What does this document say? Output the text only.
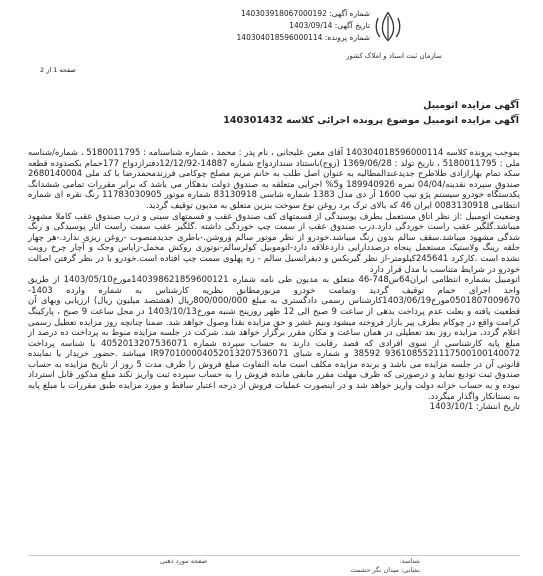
شماره آگهی: 140303918067000192
تاریخ آگهی: 1403/09/14
شماره پرونده: 140304018596000114
سازمان ثبت اسناد و املاک کشور
صفحه 1 از 2
آگهی مزایده اتومبیل
آگهی مزایده اتومبیل موضوع پرونده اجرائی کلاسه 140301432

بموجب پرونده کلاسه 140304018596000114 آقای معین علیجانی ، نام پدر : محمد ، شماره شناسنامه : 5180011795 ، شماره/شناسه ملی : 5180011795 ، تاریخ تولد : 1369/06/28 (زوج)باستناد سندازدواج شماره 14887-12/12/92دفترازدواج 177خمام بکصدوده قطعه سکه تمام بهارازادی طلاطرح جدیدعندالمطالبه به عنوان اصل طلب به خانم مریم مصلح چوکامی فرزندمحمدرضا با کد ملی 2680140004 صندوق سپرده نقدینه/04/04 نمره 189940926 و5% اجرایی متعلقه به صندوق دولت بدهکار می باشد که برابر مقررات تمامی ششدانگ یکدستگاه خودرو سیستم پژو تیپ 1600 آر دی مدل 1383 شماره شاسی 83130918 شماره موتور 11783030905 رنگ نقره ای شماره انتظامی 0083130918 ایران 46 که بالای ترک یرد روغن نوع سوخت بنزین متعلق به مدیون توقیف گردید.

وضعیت اتومبیل :از نظر اتاق مستعمل بطرف پوسیدگی از قسمتهای کف صندوق عقب و قسمتهای سینی و درب صندوق عقب کاملا مشهود میباشد.گلگیر عقب راست خوردگی دارد.درب صندوق عقب از سمت چپ خوردگی داشته .گلگیر عقب سمت راست اثار پوسیدگی و رنگ شدگی مشهود میباشد.سقف سالم بدون رنگ میباشد.خودرو از نظر موتور سالم وروشن.-باطری جدیدمنصوب -روغن ریزی ندارد.-هر چهار حلقه رینگ ولاستیک مستعمل پنجاه درصددارایی داردعلاقه دارد-اتوموبیل کولرسالم-نوتوزی روکش مخمل-زایاس وجک و آچار چرخ رویت نشده است .کارکرد 245641کیلومتر-از نظر گیربکس و دیفرانسیل سالم - زه پهلوی سمت چپ افتاده است.خودرو با در نظر گرفتن اصالت خودرو در شرایط متناسب با مدل قرار دارد

اتومبیل بشماره انتظامی ایران64س748-46 متعلق به مدیون طی نامه شماره 140398621859600121مورخ1403/05/10 از طریق واحد اجرای خمام توقیف گردید وتمامت خودرو مزبورمطابق نظریه کارشناس به شماره وارده 1403-0501807009670مورخ1403/06/19کارشناس رسمی دادگستری به مبلغ 800/000/000ریال (هشتصد میلیون ریال) ارزیابی وبهای آن قطعیت یافته و بعلت عدم پرداخت بدهی از ساعت 9 صبح الی 12 ظهر روزپنج شنبه مورخ1403/10/13 در محل ساعت 9 صبح ، پارکینگ کرامت واقع در چوکام بطرف پیر بازار فروخته میشود ونیم عشر و حق مزایده نقدا وصول خواهد شد. ضمنا چنانچه روز مزایده تعطیل رسمی اعلام گردد، مزایده روز بعد تعطیلی در همان ساعت و مکان مقرر برگزار خواهد شد. شرکت در جلسه مزایده منوط به پرداخت ده درصد از مبلغ پایه کارشناسی از سوی افرادی که قصد رقابت دارند به حساب سپرده شماره 4052013207536071 با شناسه پرداخت 9361085521117500100140072 38592 و شماره شبای IR970100004052013207536071 میباشد .حضور خریدار یا نماینده قانونی آن در جلسه مزایده می باشد و برنده مزایده مکلف است مابه التفاوت مبلغ فروش را ظرف مدت 5 روز از تاریخ مزایده به حساب صندوق ثبت تودیع نماید و درصورتی که ظرف مهلت مقرر مابقی مانده فروش را به حساب سپرده ثبت واریز نکند مبلغ مذکور قابل استرداد نبوده و به حساب خزانه دولت واریز خواهد شد و در اینصورت عملیات فروش از درجه اعتبار ساقط و مورد مزایده طبق مقررات با مبلغ پایه به بستانکار واگذار میگردد.

تاریخ انتشار: 1403/10/1

شناسه:
صفحه مورد ذهنی
نشانی: میدان نگر حشمت
